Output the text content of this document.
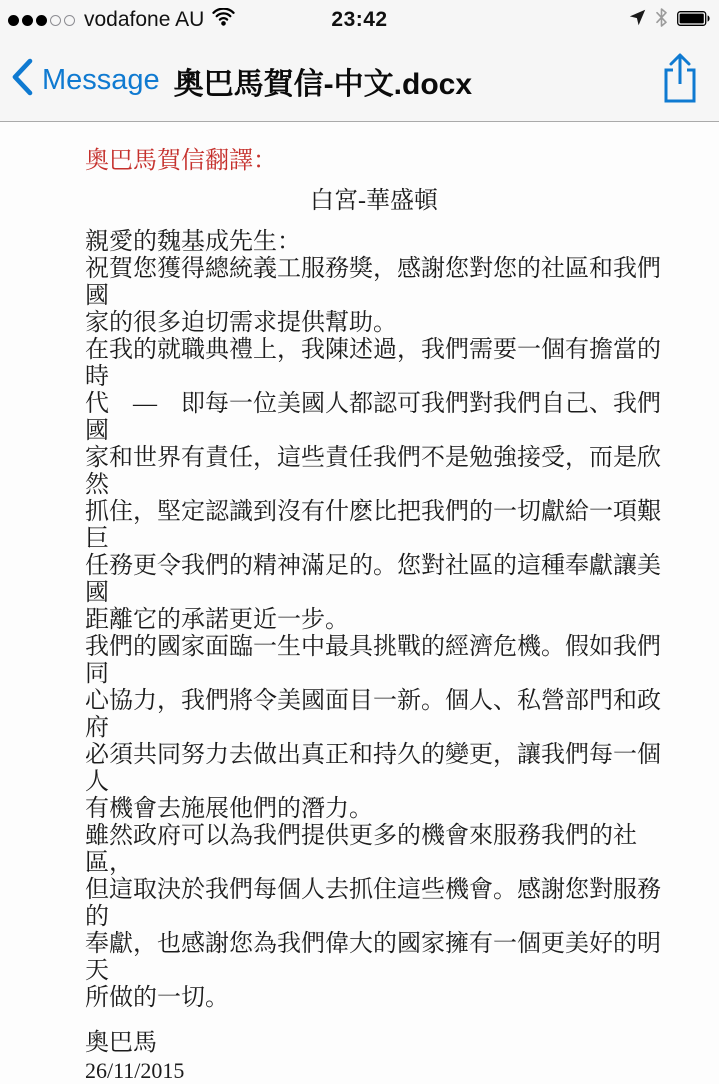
vodafone AU	23:42
Message 奧巴馬賀信-中文.docx

奧巴馬賀信翻譯：

白宮-華盛頓

親愛的魏基成先生：
祝賀您獲得總統義工服務獎，感謝您對您的社區和我們國
家的很多迫切需求提供幫助。
在我的就職典禮上，我陳述過，我們需要一個有擔當的時
代　—　即每一位美國人都認可我們對我們自己、我們國
家和世界有責任，這些責任我們不是勉強接受，而是欣然
抓住，堅定認識到沒有什麽比把我們的一切獻給一項艱巨
任務更令我們的精神滿足的。您對社區的這種奉獻讓美國
距離它的承諾更近一步。
我們的國家面臨一生中最具挑戰的經濟危機。假如我們同
心協力，我們將令美國面目一新。個人、私營部門和政府
必須共同努力去做出真正和持久的變更，讓我們每一個人
有機會去施展他們的潛力。
雖然政府可以為我們提供更多的機會來服務我們的社區，
但這取決於我們每個人去抓住這些機會。感謝您對服務的
奉獻，也感謝您為我們偉大的國家擁有一個更美好的明天
所做的一切。

奧巴馬

26/11/2015
